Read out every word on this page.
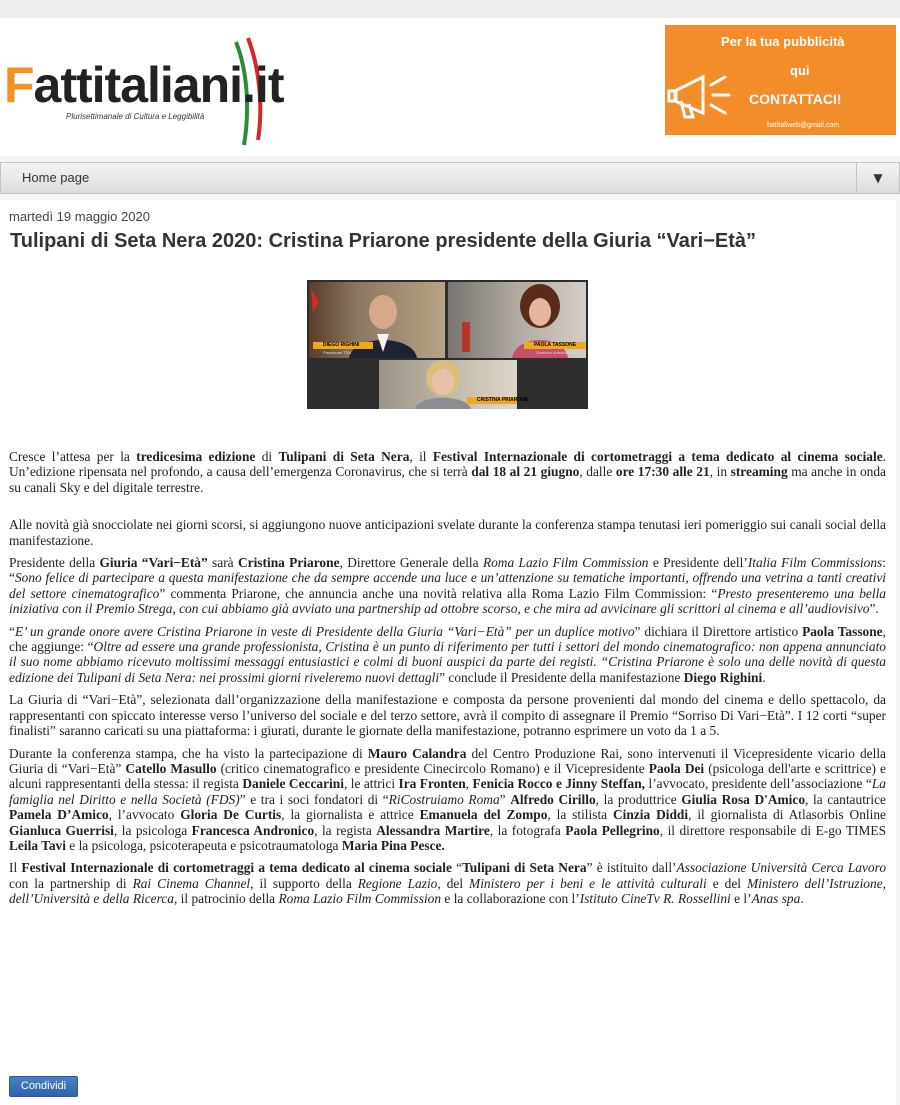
Fattitaliani.it
Plurisettimanale di Cultura e Leggibilità
Per la tua pubblicità
qui
CONTATTACI!
fattitaliweb@gmail.com
Home page	▼
martedì 19 maggio 2020
Tulipani di Seta Nera 2020: Cristina Priarone presidente della Giuria “Vari−Età”
DIEGO RIGHINI
Presidente TSN
PAOLA TASSONE
Direttrice Artistica TSN
CRISTINA PRIARONE
Pres. Giuria Vari-Età

Cresce l’attesa per la tredicesima edizione di Tulipani di Seta Nera, il Festival Internazionale di cortometraggi a tema dedicato al cinema sociale. Un’edizione ripensata nel profondo, a causa dell’emergenza Coronavirus, che si terrà dal 18 al 21 giugno, dalle ore 17:30 alle 21, in streaming ma anche in onda su canali Sky e del digitale terrestre.

Alle novità già snocciolate nei giorni scorsi, si aggiungono nuove anticipazioni svelate durante la conferenza stampa tenutasi ieri pomeriggio sui canali social della manifestazione.

Presidente della Giuria “Vari−Età” sarà Cristina Priarone, Direttore Generale della Roma Lazio Film Commission e Presidente dell’Italia Film Commissions: “Sono felice di partecipare a questa manifestazione che da sempre accende una luce e un’attenzione su tematiche importanti, offrendo una vetrina a tanti creativi del settore cinematografico” commenta Priarone, che annuncia anche una novità relativa alla Roma Lazio Film Commission: “Presto presenteremo una bella iniziativa con il Premio Strega, con cui abbiamo già avviato una partnership ad ottobre scorso, e che mira ad avvicinare gli scrittori al cinema e all’audiovisivo”.

“E’ un grande onore avere Cristina Priarone in veste di Presidente della Giuria “Vari−Età” per un duplice motivo” dichiara il Direttore artistico Paola Tassone, che aggiunge: “Oltre ad essere una grande professionista, Cristina è un punto di riferimento per tutti i settori del mondo cinematografico: non appena annunciato il suo nome abbiamo ricevuto moltissimi messaggi entusiastici e colmi di buoni auspici da parte dei registi. “Cristina Priarone è solo una delle novità di questa edizione dei Tulipani di Seta Nera: nei prossimi giorni riveleremo nuovi dettagli” conclude il Presidente della manifestazione Diego Righini.

La Giuria di “Vari−Età”, selezionata dall’organizzazione della manifestazione e composta da persone provenienti dal mondo del cinema e dello spettacolo, da rappresentanti con spiccato interesse verso l’universo del sociale e del terzo settore, avrà il compito di assegnare il Premio “Sorriso Di Vari−Età”. I 12 corti “super finalisti” saranno caricati su una piattaforma: i giurati, durante le giornate della manifestazione, potranno esprimere un voto da 1 a 5.

Durante la conferenza stampa, che ha visto la partecipazione di Mauro Calandra del Centro Produzione Rai, sono intervenuti il Vicepresidente vicario della Giuria di “Vari−Età” Catello Masullo (critico cinematografico e presidente Cinecircolo Romano) e il Vicepresidente Paola Dei (psicologa dell'arte e scrittrice) e alcuni rappresentanti della stessa: il regista Daniele Ceccarini, le attrici Ira Fronten, Fenicia Rocco e Jinny Steffan, l’avvocato, presidente dell’associazione “La famiglia nel Diritto e nella Società (FDS)” e tra i soci fondatori di “RiCostruiamo Roma” Alfredo Cirillo, la produttrice Giulia Rosa D'Amico, la cantautrice Pamela D’Amico, l’avvocato Gloria De Curtis, la giornalista e attrice Emanuela del Zompo, la stilista Cinzia Diddi, il giornalista di Atlasorbis Online Gianluca Guerrisi, la psicologa Francesca Andronico, la regista Alessandra Martire, la fotografa Paola Pellegrino, il direttore responsabile di E-go TIMES Leila Tavi e la psicologa, psicoterapeuta e psicotraumatologa Maria Pina Pesce.

Il Festival Internazionale di cortometraggi a tema dedicato al cinema sociale “Tulipani di Seta Nera” è istituito dall’Associazione Università Cerca Lavoro con la partnership di Rai Cinema Channel, il supporto della Regione Lazio, del Ministero per i beni e le attività culturali e del Ministero dell’Istruzione, dell’Università e della Ricerca, il patrocinio della Roma Lazio Film Commission e la collaborazione con l’Istituto CineTv R. Rossellini e l’Anas spa.

Condividi
